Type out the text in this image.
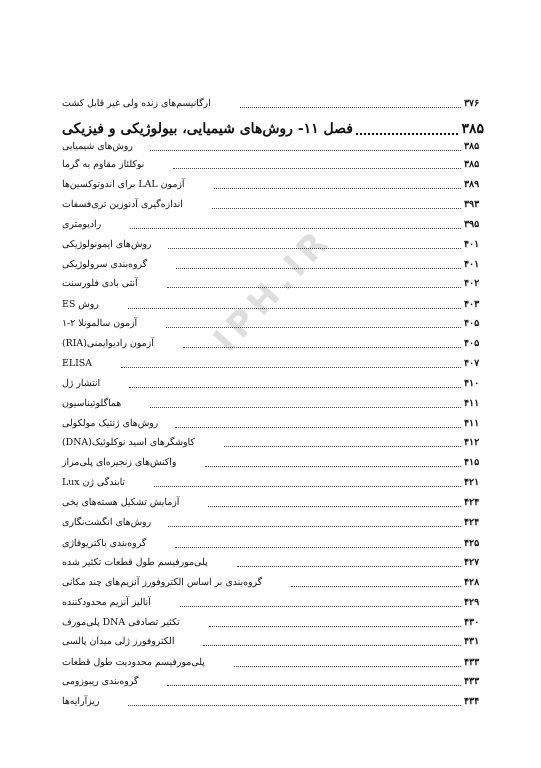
IPH.IR
ارگانیسم‌های زنده ولی غیر قابل کشت	۳۷۶
فصل ۱۱- روش‌های شیمیایی، بیولوژیکی و فیزیکی	۳۸۵
روش‌های شیمیایی	۳۸۵
نوکلئاز مقاوم به گرما	۳۸۵
آزمون LAL برای اندوتوکسین‌ها	۳۸۹
اندازه‌گیری آدنوزین تری‌فسفات	۳۹۳
رادیومتری	۳۹۵
روش‌های ایمونولوژیکی	۴۰۱
گروه‌بندی سرولوژیکی	۴۰۱
آنتی بادی فلورسنت	۴۰۲
روش ES	۴۰۳
آزمون سالمونلا ۲-۱	۴۰۵
آزمون رادیوایمنی(RIA)	۴۰۵
ELISA	۴۰۷
انتشار ژل	۴۱۰
هماگلوتیناسیون	۴۱۱
روش‌های ژنتیک مولکولی	۴۱۱
کاوشگرهای اسید نوکلوئیک(DNA)	۴۱۲
واکنش‌های زنجیره‌ای پلی‌مراز	۴۱۵
تابندگی ژن Lux	۴۲۱
آزمایش تشکیل هسته‌های یخی	۴۲۴
روش‌های انگشت‌نگاری	۴۲۴
گروه‌بندی باکتریوفاژی	۴۲۵
پلی‌مورفیسم طول قطعات تکثیر شده	۴۲۷
گروه‌بندی بر اساس الکتروفورز آنزیم‌های چند مکانی	۴۲۸
آنالیز آنزیم محدودکننده	۴۲۹
تکثیر تصادفی DNA پلی‌مورف	۴۳۰
الکتروفورز ژلی میدان پالسی	۴۳۱
پلی‌مورفیسم محدودیت طول قطعات	۴۳۳
گروه‌بندی ریبوزومی	۴۳۳
ریزآرایه‌ها	۴۳۴
